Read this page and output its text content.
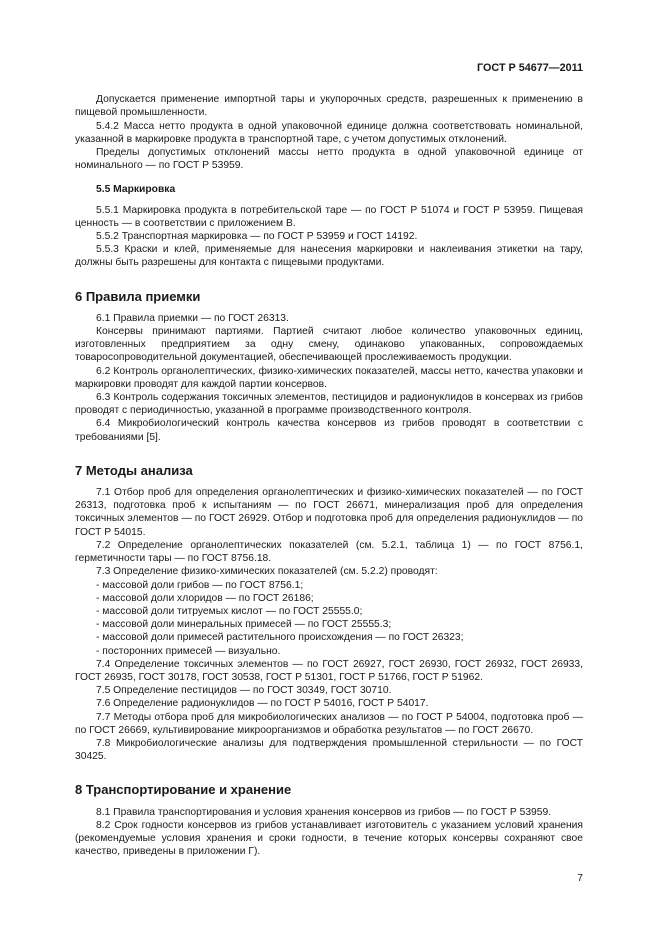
ГОСТ Р 54677—2011

Допускается применение импортной тары и укупорочных средств, разрешенных к применению в пищевой промышленности.

5.4.2 Масса нетто продукта в одной упаковочной единице должна соответствовать номинальной, указанной в маркировке продукта в транспортной таре, с учетом допустимых отклонений.

Пределы допустимых отклонений массы нетто продукта в одной упаковочной единице от номинального — по ГОСТ Р 53959.

5.5 Маркировка

5.5.1 Маркировка продукта в потребительской таре — по ГОСТ Р 51074 и ГОСТ Р 53959. Пищевая ценность — в соответствии с приложением В.

5.5.2 Транспортная маркировка — по ГОСТ Р 53959 и ГОСТ 14192.

5.5.3 Краски и клей, применяемые для нанесения маркировки и наклеивания этикетки на тару, должны быть разрешены для контакта с пищевыми продуктами.

6 Правила приемки

6.1 Правила приемки — по ГОСТ 26313.

Консервы принимают партиями. Партией считают любое количество упаковочных единиц, изготовленных предприятием за одну смену, одинаково упакованных, сопровождаемых товаросопроводительной документацией, обеспечивающей прослеживаемость продукции.

6.2 Контроль органолептических, физико-химических показателей, массы нетто, качества упаковки и маркировки проводят для каждой партии консервов.

6.3 Контроль содержания токсичных элементов, пестицидов и радионуклидов в консервах из грибов проводят с периодичностью, указанной в программе производственного контроля.

6.4 Микробиологический контроль качества консервов из грибов проводят в соответствии с требованиями [5].

7 Методы анализа

7.1 Отбор проб для определения органолептических и физико-химических показателей — по ГОСТ 26313, подготовка проб к испытаниям — по ГОСТ 26671, минерализация проб для определения токсичных элементов — по ГОСТ 26929. Отбор и подготовка проб для определения радионуклидов — по ГОСТ Р 54015.

7.2 Определение органолептических показателей (см. 5.2.1, таблица 1) — по ГОСТ 8756.1, герметичности тары — по ГОСТ 8756.18.

7.3 Определение физико-химических показателей (см. 5.2.2) проводят:

- массовой доли грибов — по ГОСТ 8756.1;

- массовой доли хлоридов — по ГОСТ 26186;

- массовой доли титруемых кислот — по ГОСТ 25555.0;

- массовой доли минеральных примесей — по ГОСТ 25555.3;

- массовой доли примесей растительного происхождения — по ГОСТ 26323;

- посторонних примесей — визуально.

7.4 Определение токсичных элементов — по ГОСТ 26927, ГОСТ 26930, ГОСТ 26932, ГОСТ 26933, ГОСТ 26935, ГОСТ 30178, ГОСТ 30538, ГОСТ Р 51301, ГОСТ Р 51766, ГОСТ Р 51962.

7.5 Определение пестицидов — по ГОСТ 30349, ГОСТ 30710.

7.6 Определение радионуклидов — по ГОСТ Р 54016, ГОСТ Р 54017.

7.7 Методы отбора проб для микробиологических анализов — по ГОСТ Р 54004, подготовка проб — по ГОСТ 26669, культивирование микроорганизмов и обработка результатов — по ГОСТ 26670.

7.8 Микробиологические анализы для подтверждения промышленной стерильности — по ГОСТ 30425.

8 Транспортирование и хранение

8.1 Правила транспортирования и условия хранения консервов из грибов — по ГОСТ Р 53959.

8.2 Срок годности консервов из грибов устанавливает изготовитель с указанием условий хранения (рекомендуемые условия хранения и сроки годности, в течение которых консервы сохраняют свое качество, приведены в приложении Г).

7
